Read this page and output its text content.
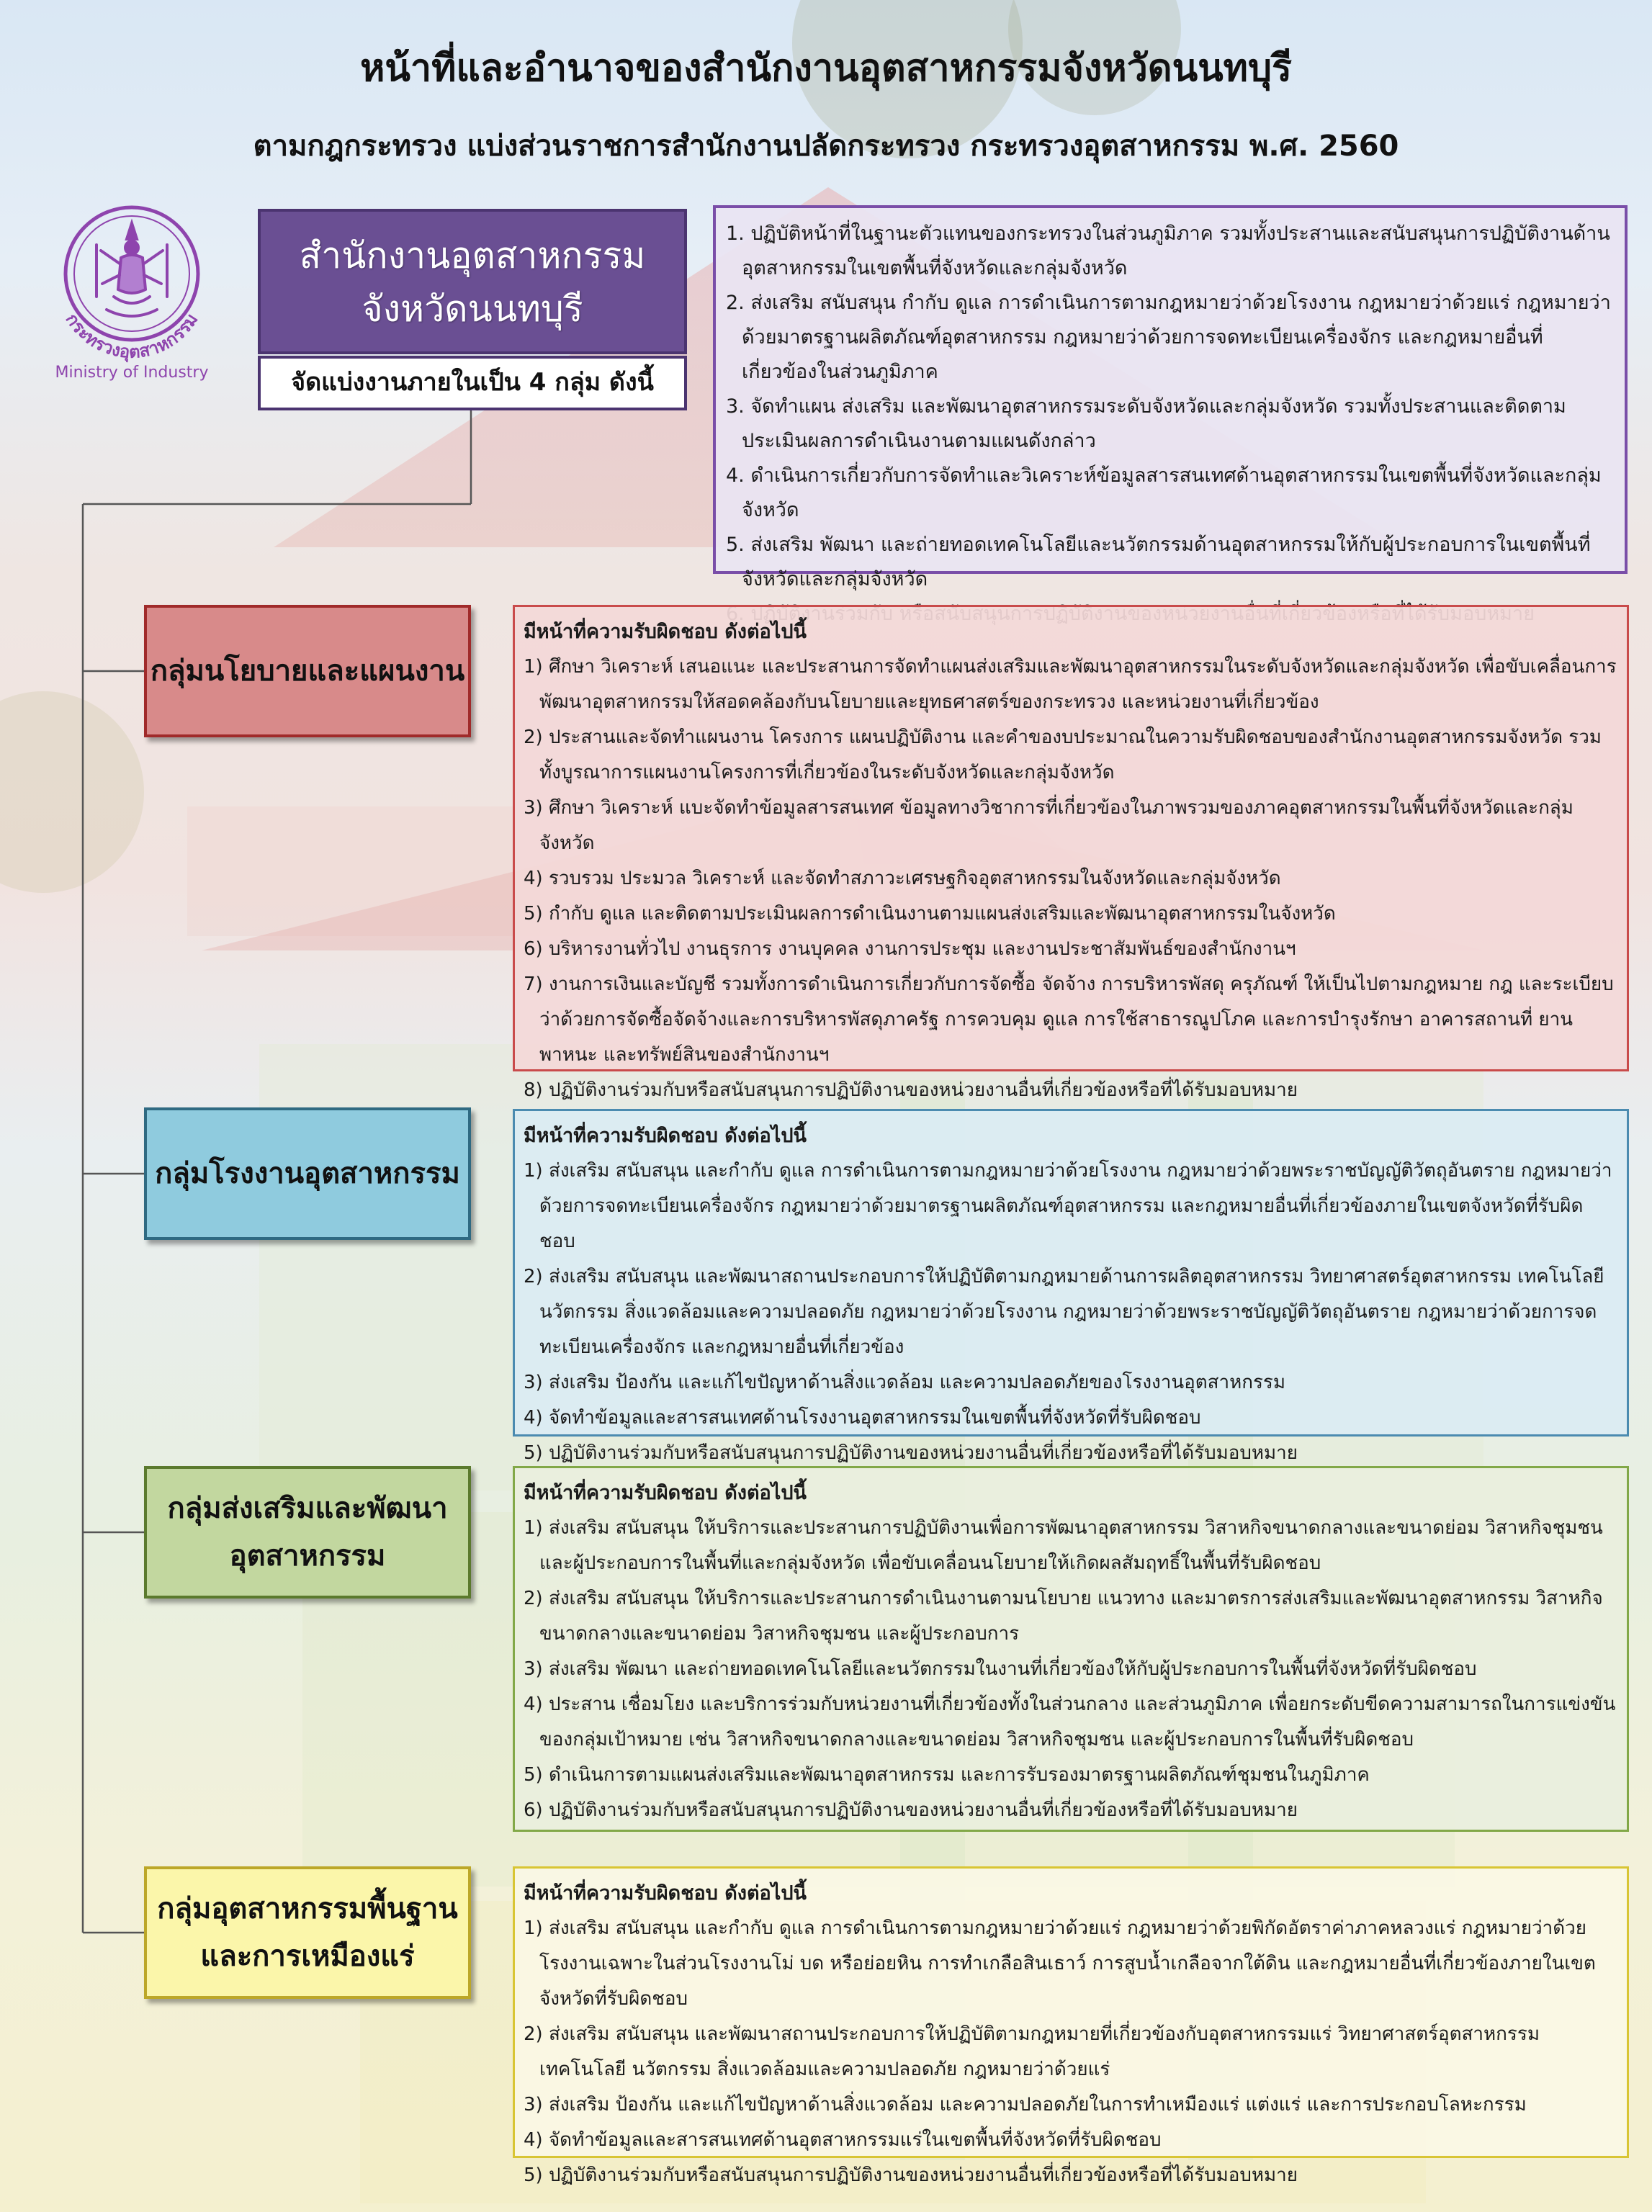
หน้าที่และอำนาจของสำนักงานอุตสาหกรรมจังหวัดนนทบุรี
ตามกฎกระทรวง แบ่งส่วนราชการสำนักงานปลัดกระทรวง กระทรวงอุตสาหกรรม พ.ศ. 2560
กระทรวงอุตสาหกรรม
Ministry of Industry
สำนักงานอุตสาหกรรม
จังหวัดนนทบุรี
จัดแบ่งงานภายในเป็น 4 กลุ่ม ดังนี้
1. ปฏิบัติหน้าที่ในฐานะตัวแทนของกระทรวงในส่วนภูมิภาค รวมทั้งประสานและสนับสนุนการปฏิบัติงานด้านอุตสาหกรรมในเขตพื้นที่จังหวัดและกลุ่มจังหวัด
2. ส่งเสริม สนับสนุน กำกับ ดูแล การดำเนินการตามกฎหมายว่าด้วยโรงงาน กฎหมายว่าด้วยแร่ กฎหมายว่าด้วยมาตรฐานผลิตภัณฑ์อุตสาหกรรม กฎหมายว่าด้วยการจดทะเบียนเครื่องจักร และกฎหมายอื่นที่เกี่ยวข้องในส่วนภูมิภาค
3. จัดทำแผน ส่งเสริม และพัฒนาอุตสาหกรรมระดับจังหวัดและกลุ่มจังหวัด รวมทั้งประสานและติดตามประเมินผลการดำเนินงานตามแผนดังกล่าว
4. ดำเนินการเกี่ยวกับการจัดทำและวิเคราะห์ข้อมูลสารสนเทศด้านอุตสาหกรรมในเขตพื้นที่จังหวัดและกลุ่มจังหวัด
5. ส่งเสริม พัฒนา และถ่ายทอดเทคโนโลยีและนวัตกรรมด้านอุตสาหกรรมให้กับผู้ประกอบการในเขตพื้นที่จังหวัดและกลุ่มจังหวัด
กลุ่มนโยบายและแผนงาน
มีหน้าที่ความรับผิดชอบ ดังต่อไปนี้
1) ศึกษา วิเคราะห์ เสนอแนะ และประสานการจัดทำแผนส่งเสริมและพัฒนาอุตสาหกรรมในระดับจังหวัดและกลุ่มจังหวัด เพื่อขับเคลื่อนการพัฒนาอุตสาหกรรมให้สอดคล้องกับนโยบายและยุทธศาสตร์ของกระทรวง และหน่วยงานที่เกี่ยวข้อง
2) ประสานและจัดทำแผนงาน โครงการ แผนปฏิบัติงาน และคำของบประมาณในความรับผิดชอบของสำนักงานอุตสาหกรรมจังหวัด รวมทั้งบูรณาการแผนงานโครงการที่เกี่ยวข้องในระดับจังหวัดและกลุ่มจังหวัด
3) ศึกษา วิเคราะห์ แบะจัดทำข้อมูลสารสนเทศ ข้อมูลทางวิชาการที่เกี่ยวข้องในภาพรวมของภาคอุตสาหกรรมในพื้นที่จังหวัดและกลุ่มจังหวัด
4) รวบรวม ประมวล วิเคราะห์ และจัดทำสภาวะเศรษฐกิจอุตสาหกรรมในจังหวัดและกลุ่มจังหวัด
5) กำกับ ดูแล และติดตามประเมินผลการดำเนินงานตามแผนส่งเสริมและพัฒนาอุตสาหกรรมในจังหวัด
6) บริหารงานทั่วไป งานธุรการ งานบุคคล งานการประชุม และงานประชาสัมพันธ์ของสำนักงานฯ
7) งานการเงินและบัญชี รวมทั้งการดำเนินการเกี่ยวกับการจัดซื้อ จัดจ้าง การบริหารพัสดุ ครุภัณฑ์ ให้เป็นไปตามกฎหมาย กฎ และระเบียบว่าด้วยการจัดซื้อจัดจ้างและการบริหารพัสดุภาครัฐ การควบคุม ดูแล การใช้สาธารณูปโภค และการบำรุงรักษา อาคารสถานที่ ยานพาหนะ และทรัพย์สินของสำนักงานฯ
8) ปฏิบัติงานร่วมกับหรือสนับสนุนการปฏิบัติงานของหน่วยงานอื่นที่เกี่ยวข้องหรือที่ได้รับมอบหมาย
กลุ่มโรงงานอุตสาหกรรม
มีหน้าที่ความรับผิดชอบ ดังต่อไปนี้
1) ส่งเสริม สนับสนุน และกำกับ ดูแล การดำเนินการตามกฎหมายว่าด้วยโรงงาน กฎหมายว่าด้วยพระราชบัญญัติวัตถุอันตราย กฎหมายว่าด้วยการจดทะเบียนเครื่องจักร กฎหมายว่าด้วยมาตรฐานผลิตภัณฑ์อุตสาหกรรม และกฎหมายอื่นที่เกี่ยวข้องภายในเขตจังหวัดที่รับผิดชอบ
2) ส่งเสริม สนับสนุน และพัฒนาสถานประกอบการให้ปฏิบัติตามกฎหมายด้านการผลิตอุตสาหกรรม วิทยาศาสตร์อุตสาหกรรม เทคโนโลยี นวัตกรรม สิ่งแวดล้อมและความปลอดภัย กฎหมายว่าด้วยโรงงาน กฎหมายว่าด้วยพระราชบัญญัติวัตถุอันตราย กฎหมายว่าด้วยการจดทะเบียนเครื่องจักร และกฎหมายอื่นที่เกี่ยวข้อง
3) ส่งเสริม ป้องกัน และแก้ไขปัญหาด้านสิ่งแวดล้อม และความปลอดภัยของโรงงานอุตสาหกรรม
4) จัดทำข้อมูลและสารสนเทศด้านโรงงานอุตสาหกรรมในเขตพื้นที่จังหวัดที่รับผิดชอบ
5) ปฏิบัติงานร่วมกับหรือสนับสนุนการปฏิบัติงานของหน่วยงานอื่นที่เกี่ยวข้องหรือที่ได้รับมอบหมาย
กลุ่มส่งเสริมและพัฒนา
อุตสาหกรรม
มีหน้าที่ความรับผิดชอบ ดังต่อไปนี้
1) ส่งเสริม สนับสนุน ให้บริการและประสานการปฏิบัติงานเพื่อการพัฒนาอุตสาหกรรม วิสาหกิจขนาดกลางและขนาดย่อม วิสาหกิจชุมชน และผู้ประกอบการในพื้นที่และกลุ่มจังหวัด เพื่อขับเคลื่อนนโยบายให้เกิดผลสัมฤทธิ์ในพื้นที่รับผิดชอบ
2) ส่งเสริม สนับสนุน ให้บริการและประสานการดำเนินงานตามนโยบาย แนวทาง และมาตรการส่งเสริมและพัฒนาอุตสาหกรรม วิสาหกิจขนาดกลางและขนาดย่อม วิสาหกิจชุมชน และผู้ประกอบการ
3) ส่งเสริม พัฒนา และถ่ายทอดเทคโนโลยีและนวัตกรรมในงานที่เกี่ยวข้องให้กับผู้ประกอบการในพื้นที่จังหวัดที่รับผิดชอบ
4) ประสาน เชื่อมโยง และบริการร่วมกับหน่วยงานที่เกี่ยวข้องทั้งในส่วนกลาง และส่วนภูมิภาค เพื่อยกระดับขีดความสามารถในการแข่งขันของกลุ่มเป้าหมาย เช่น วิสาหกิจขนาดกลางและขนาดย่อม วิสาหกิจชุมชน และผู้ประกอบการในพื้นที่รับผิดชอบ
5) ดำเนินการตามแผนส่งเสริมและพัฒนาอุตสาหกรรม และการรับรองมาตรฐานผลิตภัณฑ์ชุมชนในภูมิภาค
6) ปฏิบัติงานร่วมกับหรือสนับสนุนการปฏิบัติงานของหน่วยงานอื่นที่เกี่ยวข้องหรือที่ได้รับมอบหมาย
กลุ่มอุตสาหกรรมพื้นฐาน
และการเหมืองแร่
มีหน้าที่ความรับผิดชอบ ดังต่อไปนี้
1) ส่งเสริม สนับสนุน และกำกับ ดูแล การดำเนินการตามกฎหมายว่าด้วยแร่ กฎหมายว่าด้วยพิกัดอัตราค่าภาคหลวงแร่ กฎหมายว่าด้วยโรงงานเฉพาะในส่วนโรงงานโม่ บด หรือย่อยหิน การทำเกลือสินเธาว์ การสูบน้ำเกลือจากใต้ดิน และกฎหมายอื่นที่เกี่ยวข้องภายในเขตจังหวัดที่รับผิดชอบ
2) ส่งเสริม สนับสนุน และพัฒนาสถานประกอบการให้ปฏิบัติตามกฎหมายที่เกี่ยวข้องกับอุตสาหกรรมแร่ วิทยาศาสตร์อุตสาหกรรม เทคโนโลยี นวัตกรรม สิ่งแวดล้อมและความปลอดภัย กฎหมายว่าด้วยแร่
3) ส่งเสริม ป้องกัน และแก้ไขปัญหาด้านสิ่งแวดล้อม และความปลอดภัยในการทำเหมืองแร่ แต่งแร่ และการประกอบโลหะกรรม
4) จัดทำข้อมูลและสารสนเทศด้านอุตสาหกรรมแร่ในเขตพื้นที่จังหวัดที่รับผิดชอบ
5) ปฏิบัติงานร่วมกับหรือสนับสนุนการปฏิบัติงานของหน่วยงานอื่นที่เกี่ยวข้องหรือที่ได้รับมอบหมาย
